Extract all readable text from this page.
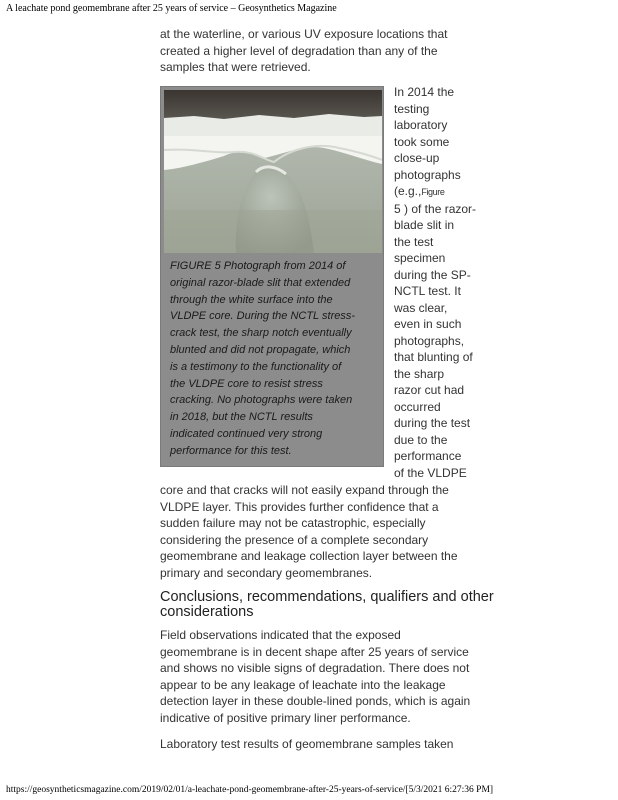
A leachate pond geomembrane after 25 years of service – Geosynthetics Magazine
at the waterline, or various UV exposure locations that
created a higher level of degradation than any of the
samples that were retrieved.
FIGURE 5 Photograph from 2014 of
original razor-blade slit that extended
through the white surface into the
VLDPE core. During the NCTL stress-
crack test, the sharp notch eventually
blunted and did not propagate, which
is a testimony to the functionality of
the VLDPE core to resist stress
cracking. No photographs were taken
in 2018, but the NCTL results
indicated continued very strong
performance for this test.
In 2014 the
testing
laboratory
took some
close-up
photographs
(e.g.,Figure
5 ) of the razor-
blade slit in
the test
specimen
during the SP-
NCTL test. It
was clear,
even in such
photographs,
that blunting of
the sharp
razor cut had
occurred
during the test
due to the
performance
of the VLDPE
core and that cracks will not easily expand through the
VLDPE layer. This provides further confidence that a
sudden failure may not be catastrophic, especially
considering the presence of a complete secondary
geomembrane and leakage collection layer between the
primary and secondary geomembranes.
Conclusions, recommendations, qualifiers and other
considerations
Field observations indicated that the exposed
geomembrane is in decent shape after 25 years of service
and shows no visible signs of degradation. There does not
appear to be any leakage of leachate into the leakage
detection layer in these double-lined ponds, which is again
indicative of positive primary liner performance.
Laboratory test results of geomembrane samples taken
https://geosyntheticsmagazine.com/2019/02/01/a-leachate-pond-geomembrane-after-25-years-of-service/[5/3/2021 6:27:36 PM]
